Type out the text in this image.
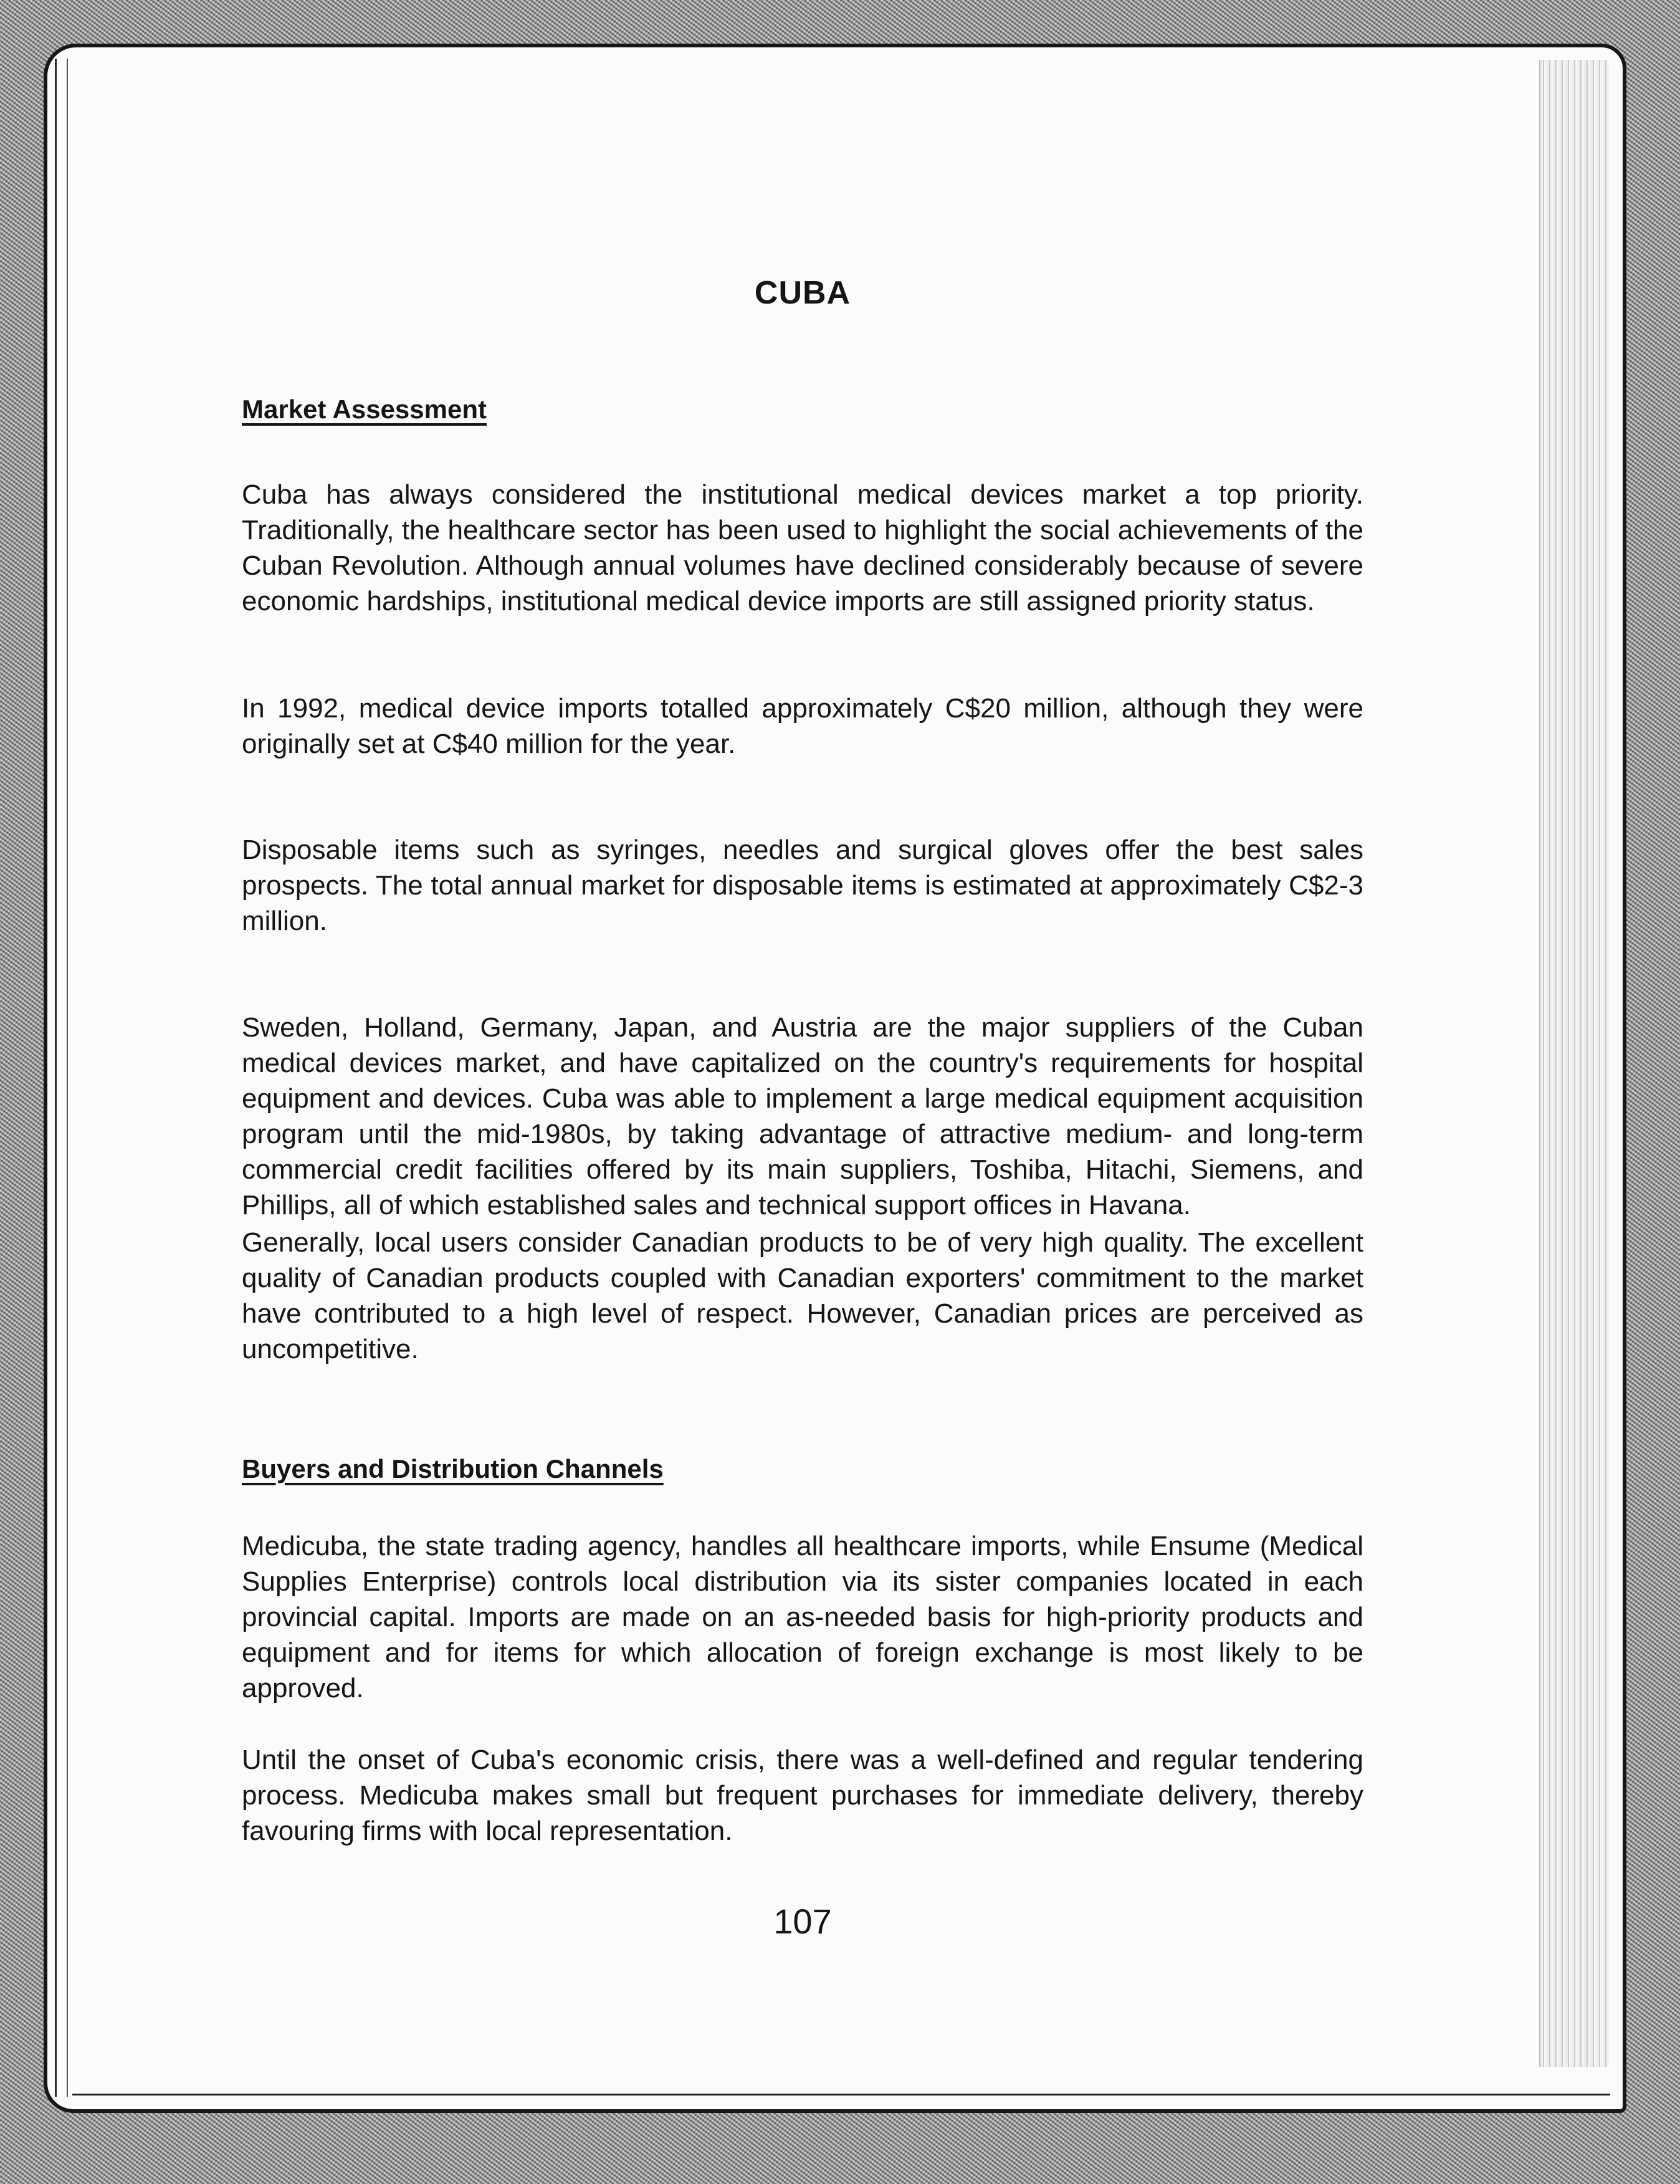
CUBA
Market Assessment

Cuba has always considered the institutional medical devices market a top priority. Traditionally, the healthcare sector has been used to highlight the social achievements of the Cuban Revolution. Although annual volumes have declined considerably because of severe economic hardships, institutional medical device imports are still assigned priority status.

In 1992, medical device imports totalled approximately C$20 million, although they were originally set at C$40 million for the year.

Disposable items such as syringes, needles and surgical gloves offer the best sales prospects. The total annual market for disposable items is estimated at approximately C$2-3 million.

Sweden, Holland, Germany, Japan, and Austria are the major suppliers of the Cuban medical devices market, and have capitalized on the country's requirements for hospital equipment and devices. Cuba was able to implement a large medical equipment acquisition program until the mid-1980s, by taking advantage of attractive medium- and long-term commercial credit facilities offered by its main suppliers, Toshiba, Hitachi, Siemens, and Phillips, all of which established sales and technical support offices in Havana.

Generally, local users consider Canadian products to be of very high quality. The excellent quality of Canadian products coupled with Canadian exporters' commitment to the market have contributed to a high level of respect. However, Canadian prices are perceived as uncompetitive.

Buyers and Distribution Channels

Medicuba, the state trading agency, handles all healthcare imports, while Ensume (Medical Supplies Enterprise) controls local distribution via its sister companies located in each provincial capital. Imports are made on an as-needed basis for high-priority products and equipment and for items for which allocation of foreign exchange is most likely to be approved.

Until the onset of Cuba's economic crisis, there was a well-defined and regular tendering process. Medicuba makes small but frequent purchases for immediate delivery, thereby favouring firms with local representation.

107
